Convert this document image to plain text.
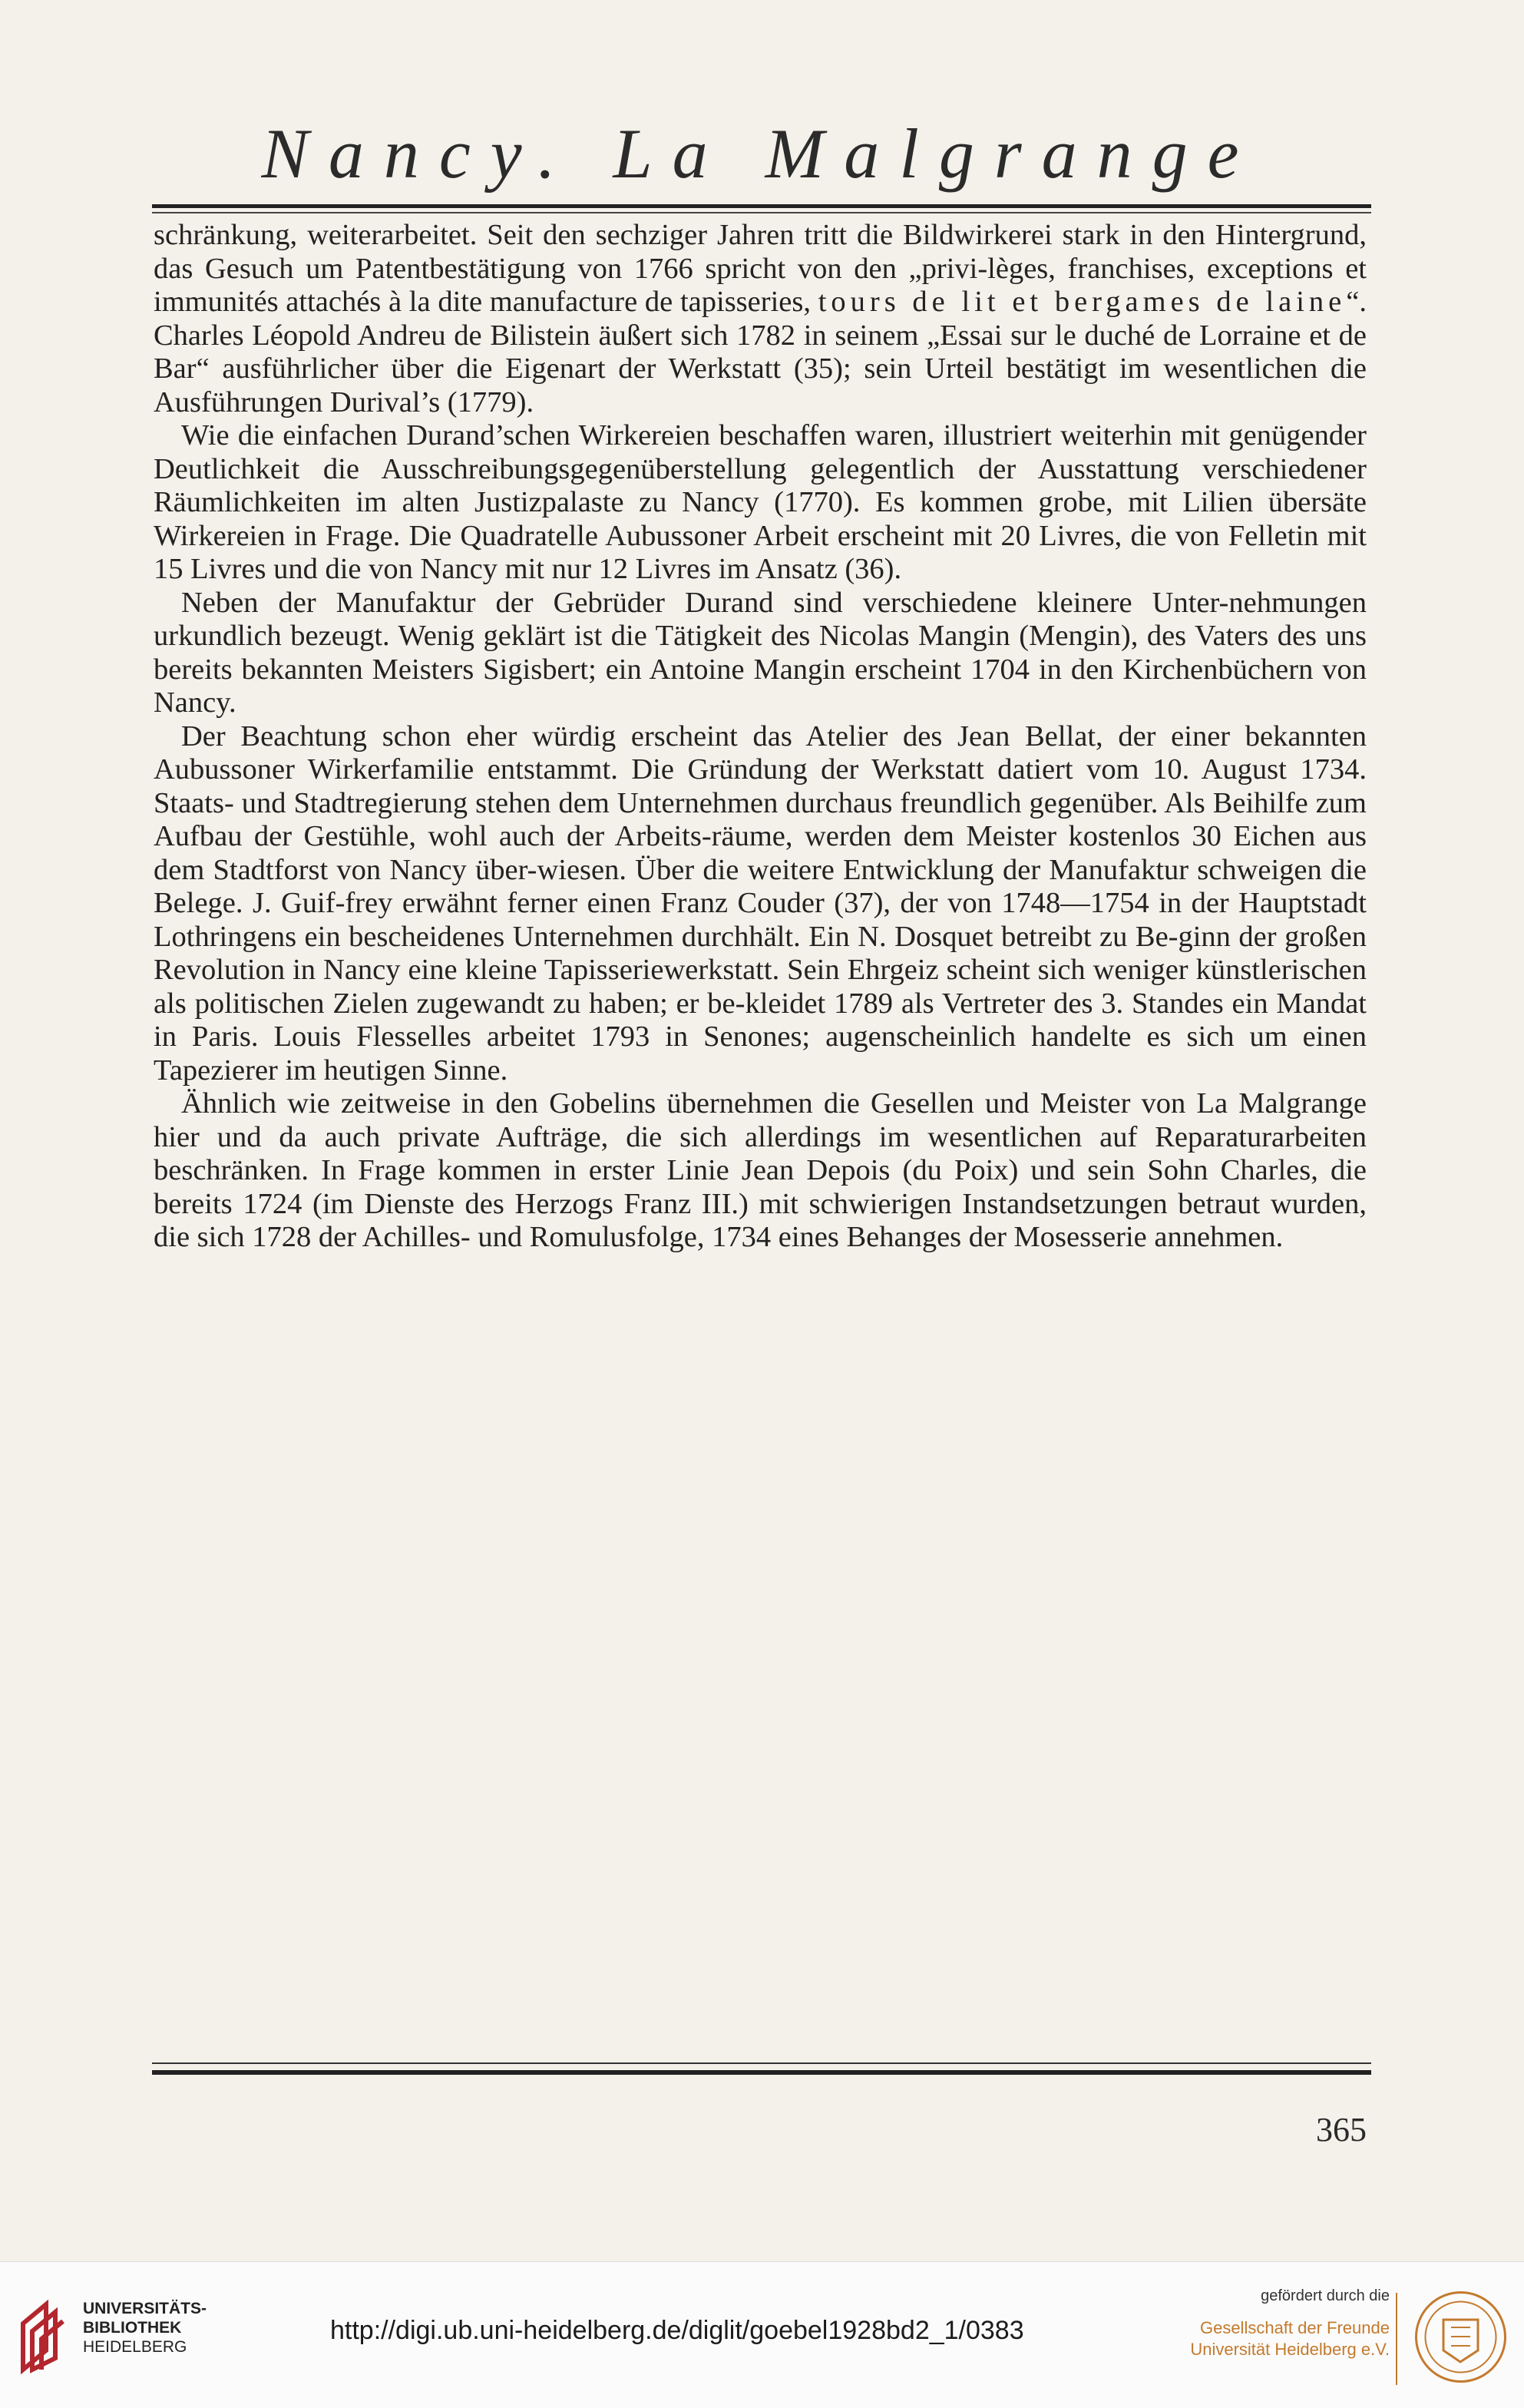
Nancy. La Malgrange

schränkung, weiterarbeitet. Seit den sechziger Jahren tritt die Bildwirkerei stark in den Hintergrund, das Gesuch um Patentbestätigung von 1766 spricht von den „privi-lèges, franchises, exceptions et immunités attachés à la dite manufacture de tapisseries, tours de lit et bergames de laine“. Charles Léopold Andreu de Bilistein äußert sich 1782 in seinem „Essai sur le duché de Lorraine et de Bar“ ausführlicher über die Eigenart der Werkstatt (35); sein Urteil bestätigt im wesentlichen die Ausführungen Durival’s (1779).

Wie die einfachen Durand’schen Wirkereien beschaffen waren, illustriert weiterhin mit genügender Deutlichkeit die Ausschreibungsgegenüberstellung gelegentlich der Ausstattung verschiedener Räumlichkeiten im alten Justizpalaste zu Nancy (1770). Es kommen grobe, mit Lilien übersäte Wirkereien in Frage. Die Quadratelle Aubussoner Arbeit erscheint mit 20 Livres, die von Felletin mit 15 Livres und die von Nancy mit nur 12 Livres im Ansatz (36).

Neben der Manufaktur der Gebrüder Durand sind verschiedene kleinere Unter-nehmungen urkundlich bezeugt. Wenig geklärt ist die Tätigkeit des Nicolas Mangin (Mengin), des Vaters des uns bereits bekannten Meisters Sigisbert; ein Antoine Mangin erscheint 1704 in den Kirchenbüchern von Nancy.

Der Beachtung schon eher würdig erscheint das Atelier des Jean Bellat, der einer bekannten Aubussoner Wirkerfamilie entstammt. Die Gründung der Werkstatt datiert vom 10. August 1734. Staats- und Stadtregierung stehen dem Unternehmen durchaus freundlich gegenüber. Als Beihilfe zum Aufbau der Gestühle, wohl auch der Arbeits-räume, werden dem Meister kostenlos 30 Eichen aus dem Stadtforst von Nancy über-wiesen. Über die weitere Entwicklung der Manufaktur schweigen die Belege. J. Guif-frey erwähnt ferner einen Franz Couder (37), der von 1748—1754 in der Hauptstadt Lothringens ein bescheidenes Unternehmen durchhält. Ein N. Dosquet betreibt zu Be-ginn der großen Revolution in Nancy eine kleine Tapisseriewerkstatt. Sein Ehrgeiz scheint sich weniger künstlerischen als politischen Zielen zugewandt zu haben; er be-kleidet 1789 als Vertreter des 3. Standes ein Mandat in Paris. Louis Flesselles arbeitet 1793 in Senones; augenscheinlich handelte es sich um einen Tapezierer im heutigen Sinne.

Ähnlich wie zeitweise in den Gobelins übernehmen die Gesellen und Meister von La Malgrange hier und da auch private Aufträge, die sich allerdings im wesentlichen auf Reparaturarbeiten beschränken. In Frage kommen in erster Linie Jean Depois (du Poix) und sein Sohn Charles, die bereits 1724 (im Dienste des Herzogs Franz III.) mit schwierigen Instandsetzungen betraut wurden, die sich 1728 der Achilles- und Romulusfolge, 1734 eines Behanges der Mosesserie annehmen.

365
UNIVERSITÄTS-
BIBLIOTHEK
HEIDELBERG
http://digi.ub.uni-heidelberg.de/diglit/goebel1928bd2_1/0383
gefördert durch die
Gesellschaft der Freunde
Universität Heidelberg e.V.
